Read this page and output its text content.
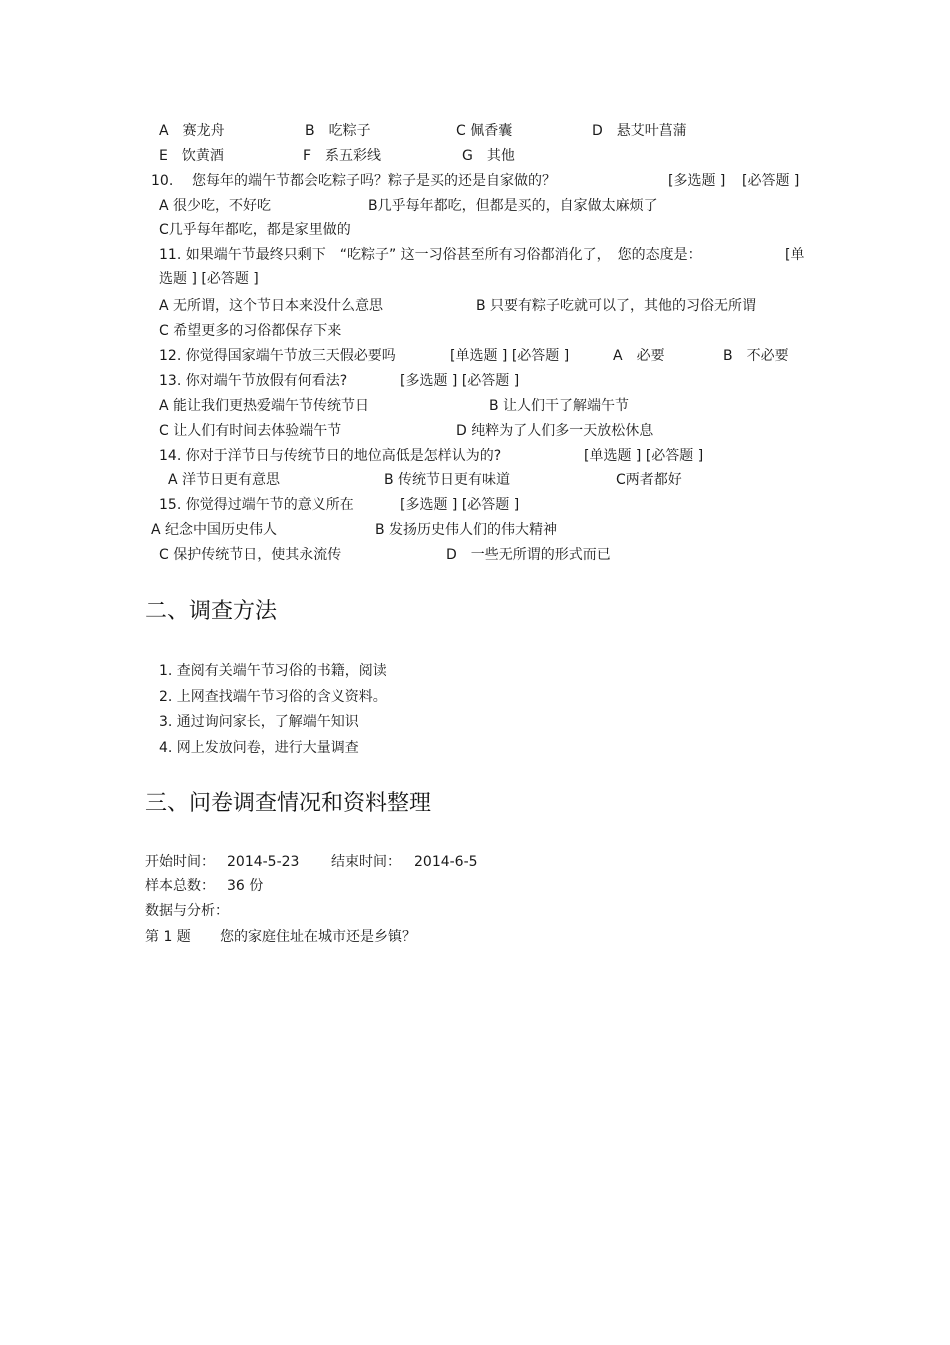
A　赛龙舟	B　吃粽子	C 佩香囊	D　悬艾叶菖蒲
E　饮黄酒	F　系五彩线	G　其他
10. 您每年的端午节都会吃粽子吗？粽子是买的还是自家做的？	[多选题 ] [必答题 ]
A 很少吃，不好吃	B几乎每年都吃，但都是买的，自家做太麻烦了
C几乎每年都吃，都是家里做的
11. 如果端午节最终只剩下　“吃粽子” 这一习俗甚至所有习俗都消化了，　您的态度是：	[单
选题 ] [必答题 ]
A 无所谓，这个节日本来没什么意思	B 只要有粽子吃就可以了，其他的习俗无所谓
C 希望更多的习俗都保存下来
12. 你觉得国家端午节放三天假必要吗	[单选题 ] [必答题 ]	A　必要	B　不必要
13. 你对端午节放假有何看法?	[多选题 ] [必答题 ]
A 能让我们更热爱端午节传统节日	B 让人们干了解端午节
C 让人们有时间去体验端午节	D 纯粹为了人们多一天放松休息
14. 你对于洋节日与传统节日的地位高低是怎样认为的?	[单选题 ] [必答题 ]
A 洋节日更有意思	B 传统节日更有味道	C两者都好
15. 你觉得过端午节的意义所在	[多选题 ] [必答题 ]
A 纪念中国历史伟人	B 发扬历史伟人们的伟大精神
C 保护传统节日，使其永流传	D　一些无所谓的形式而已
二、调查方法
1. 查阅有关端午节习俗的书籍，阅读
2. 上网查找端午节习俗的含义资料。
3. 通过询问家长，了解端午知识
4. 网上发放问卷，进行大量调查
三、问卷调查情况和资料整理
开始时间： 2014-5-23 结束时间： 2014-6-5
样本总数： 36 份
数据与分析：
第 1 题 您的家庭住址在城市还是乡镇？
